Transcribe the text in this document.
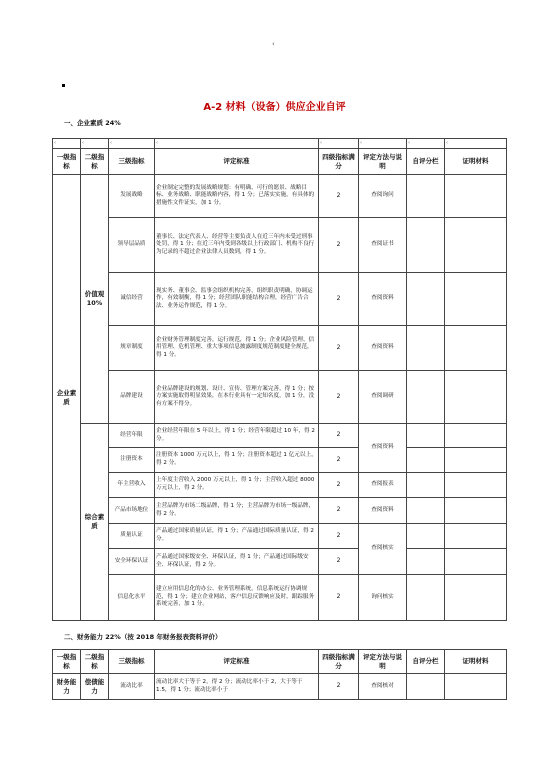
‹
A-2 材料（设备）供应企业自评
一、企业素质 24%
‹	‹	‹	‹	‹	‹	‹	‹
一级指标	二级指标	三级指标	评定标准	四级指标满分	评定方法与说明	自评分栏	证明材料
企业素质	价值观 10%	发展战略	企业制定完整的发展战略规划：有明确、可行的愿景、战略目标、业务战略、职能战略内容，得 1 分；已落实实施，有具体的措施性文件证实，加 1 分。	2	查阅询问		
		领导层品质	董事长、法定代表人、经营等主要负责人在近三年内未受过刑事处罚，得 1 分；在近三年内受到各级以上行政部门、机构不良行为记录的不超过企业法律人员数到，得 1 分。	2	查阅证书		
		诚信经营	现实务、董事会、监事会组织机构完善，组织职责明确，协调运作，有效制衡，得 1 分；经营团队职能结构合理，经营广告合法、业务运作规范，得 1 分。	2	查阅资料		
		规章制度	企业财务管理制度完善，运行规范，得 1 分；企业风险管理、信用管理、危机管理、重大事项信息披露制度规范制度健全规范，得 1 分。	2	查阅资料		
		品牌建设	企业品牌建设的规划、设计、宣传、管理方案完善，得 1 分；按方案实施取得明显效果，在本行业具有一定知名度，加 1 分，没有方案不得分。	2	查阅调研		
	综合素质	经营年限	企业经营年限在 5 年以上，得 1 分；经营年限超过 10 年，得 2 分。	2	查阅资料		
		注册资本	注册资本 1000 万元以上，得 1 分；注册资本超过 1 亿元以上，得 2 分。	2			
		年主营收入	上年度主营收入 2000 万元以上，得 1 分；主营收入超过 8000 万元以上，得 2 分。	2	查阅报表		
		产品市场地位	主营品牌为市场二级品牌，得 1 分；主营品牌为市场一级品牌，得 2 分。	2	查阅资料		
		质量认证	产品通过国家质量认证，得 1 分；产品通过国际质量认证，得 2 分。	2	查阅核实		
		安全环保认证	产品通过国家级安全、环保认证，得 1 分；产品通过国际级安全、环保认证，得 2 分。	2			
		信息化水平	建立应用信息化的办公、业务管理系统，信息系统运行协调规范，得 1 分；建立企业网站，客户信息反馈响应及时，跟踪服务系统完善，加 1 分。	2	询问核实		
二、财务能力 22%（按 2018 年财务报表资料评价）
一级指标	二级指标	三级指标	评定标准	四级指标满分	评定方法与说明	自评分栏	证明材料
财务能力	偿债能力	流动比率	流动比率大于等于 2，得 2 分；流动比率小于 2，大于等于 1.5，得 1 分；流动比率小于	2	查阅核对		
